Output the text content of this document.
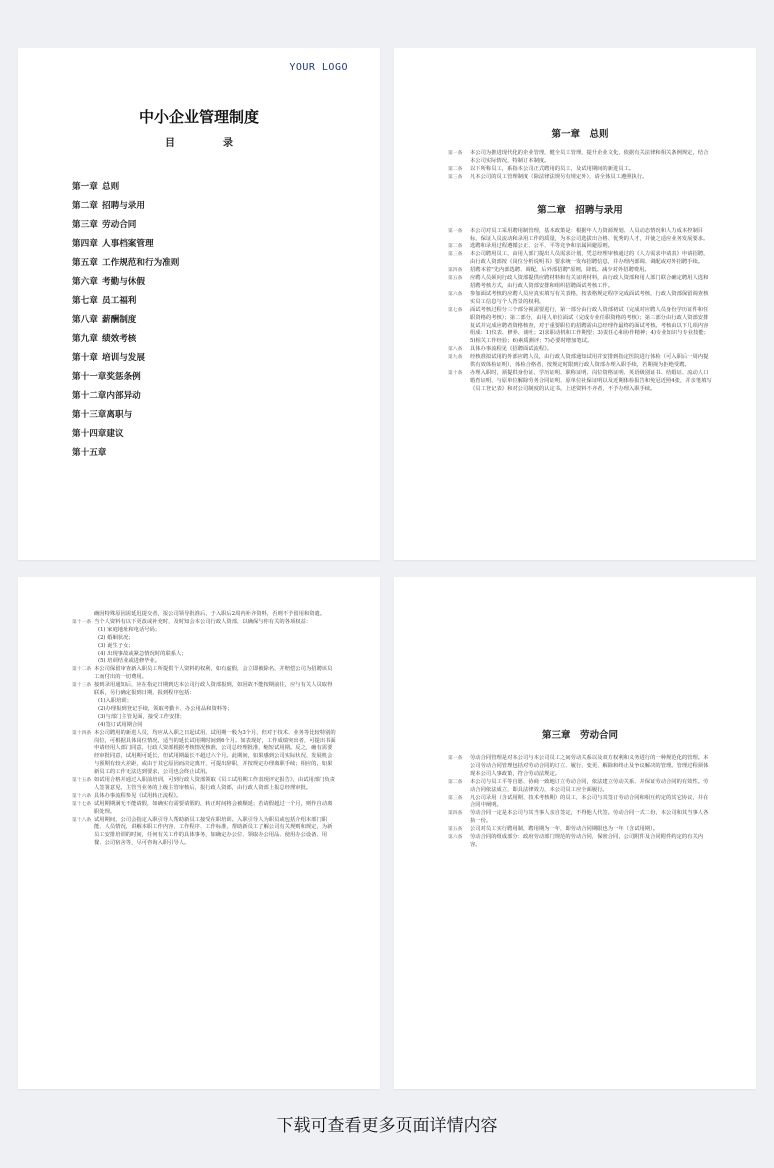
YOUR LOGO
中小企业管理制度
目录
第一章 总则
第二章 招聘与录用
第三章 劳动合同
第四章 人事档案管理
第五章 工作规范和行为准则
第六章 考勤与休假
第七章 员工福利
第八章 薪酬制度
第九章 绩效考核
第十章 培训与发展
第十一章奖惩条例
第十二章内部异动
第十三章离职与
第十四章建议
第十五章

第一章　总则

第一条	本公司为推进现代化的企业管理，健全员工管理，提升企业文化，依据有关法律和相关条例规定，结合本公司实际情况，特制订本制度。
第二条	以下所称员工，系指本公司正式聘用的员工，及试用期间的新进员工。
第三条	凡本公司的员工管理制度（除法律法规另有规定外），请全体员工遵照执行。

第二章　招聘与录用

第一条	本公司对员工采用聘用制管理，基本政策是：根据年人力资源规划、人员动态情况和人力成本控制目标，保证人员流动和录用工作的质量，为本公司选拔出合格、优秀的人才，并使之适应业务发展要求。
第二条	选聘和录用过程遵循公正、公平、平等竞争和亲属回避原则。
第三条	本公司聘用员工，由用人部门提出人员需求计划，凭总经理审核通过的《人力需求申请表》申请招聘，由行政人资部按《岗位分析说明书》要求统一发布招聘信息，并办理内部调、调配或对外招聘手续。
第四条	招聘本着"先内部选聘、调配，后外部招聘"原则，降低、减少对外招聘费用。
第五条	应聘人员须向行政人资部提供应聘材料和有关证明材料，由行政人资部和用人部门联合确定聘用人选和招聘考核方式，由行政人资部安排和组织招聘面试考核工作。
第六条	参加面试考核的应聘人员应真实填写有关表格，按表格规定程序完成面试考核，行政人资部保留调查核实员工信息与个人背景的权利。
第七条	面试考核过程分三个部分视需要进行，第一部分由行政人资部初试（完成对应聘人员身份学历证件和任职资格的考核）；第二部分，由用人单位面试（完成专业任职资格的考核）；第三部分由行政人资部安排复试并完成应聘者资格核查，对于重要职位的招聘需由总经理作最终的面试考核。考核由以下几项内容组成：1)仪表、修养、谈吐；2)求职动机和工作期望；3)责任心和协作精神；4)专业知识与专业技能；5)相关工作经验；6)素质测评；7)必要时增加笔试。
第八条	具体办事流程见《招聘面试流程》。
第九条	经核准拟试用的外部应聘人员，由行政人资部通知试用并安排到指定医院进行体检（可入职后一周内提供有效体检证明），体检合格者，按规定时限到行政人资部办理入职手续，若期视为拒绝受聘。
第十条	办理入职时，须提供身份证、学历证明、职称证明、岗位资格证明、英语级别证书、结婚证、流动人口婚育证明、与原单位解除劳务合同证明、原单位社保证明以及近期体检报告和免冠近照4张，并亲笔填写《员工登记表》和对公司制度的认定书。上述资料不齐者，不予办理入职手续。
确因特殊原因需延迟提交者，报公司领导批准后，于入职后2周内补齐资料，否则不予留用和资遣。
第十一条 当个人资料有以下更改或补充时，及时知会本公司行政人资部，以确保与你有关的各项权益：
(1) 家庭地址和电话号码；
(2) 婚姻状况；
(3) 诞生子女；
(4) 出现事故或紧急情况时的联系人；
(5) 培训结业或进修毕业。
第十二条 本公司保留审查新入职员工所提供个人资料的权利，如有虚假，会立即被除名，并赔偿公司为招聘该员工而付出的一切费用。
第十三条 接到录用通知后，应在指定日期到达本公司行政人资部报到，如因故不能按期前往，应与有关人员取得联系，另行确定报到日期，报到程序包括：
(1)入职培训；
(2)办理报到登记手续，领取考勤卡、办公用品和资料等；
(3)与部门主管见面，接受工作安排；
(4)签订试用期合同
第十四条 本公司聘用的新进人员，均应从入职之日起试用，试用期一般为3个月，但对于技术、业务等比较特别的岗位，可根据具体岗位情况，适当的延长试用期时间到6个月。如表现好，工作成绩突出者，可提出书面申请经用人部门同意，行政人资部根据考核情况核准，公司总经理批准，缩短试用期。反之，确有需要经审批同意，试用期可延长，但试用期最长不超过六个月。此期间，如果感到公司实际状况、发展机会与预期有较大差距，或由于其它原因而决定离开，可提出辞职，并按规定办理离职手续；相应的，如果新员工的工作无法达到要求，公司也会终止试用。
第十五条 如试用合格并通过入职前培训，可到行政人资部领取《员工试用期工作表现评定报告》，由试用部门负责人签署意见，主管当业务的上级主管审核后，报行政人资部，由行政人资部上报总经理审批。
第十六条 具体办事流程参见《试用转正流程》。
第十七条 试用期期满无不能请假，如确实有需要请假的，转正时间将会被顺延；若请假超过一个月，则作自动离职处理。
第十八条 试用期间，公司会指定入职引导人帮助新员工接受在职培训。入职引导人为职员或包括介绍本部门职能、人员情况，讲解本职工作内容、工作程序、工作标准，帮助新员工了解公司有关规则和规定，为新员工安排培训的时间，任何有关工作的具体事务，如确定办公位、领取办公用品、使用办公设备、用餐、公司宿舍等，尽可咨询入职引导人。

第三章　劳动合同

第一条	劳动合同管理是对本公司与本公司员工之间劳动关系以及双方权利和义务进行的一种规范化的管理。本公司劳动合同管理包括对劳动合同的订立、履行、变更、解除和终止及争议解决的管理。管理过程须体现本公司人事政策，符合劳动法规定。
第二条	本公司与员工平等自愿、协商一致地订立劳动合同，依法建立劳动关系，并保证劳动合同的有效性。劳动合同依法成立，即具法律效力，本公司员工应全面履行。
第三条	凡公司录用（含试用期、技术考核期）的员工，本公司与其签订劳动合同和相互约定的其它协议，并在合同中阐明。
第四条	劳动合同一定是本公司与其当事人亲自签定，不得他人代签。劳动合同一式二份，本公司和其当事人各执一份。
第五条	公司对员工实行聘用制，聘用期为一年，即劳动合同期限也为一年（含试用期）。
第六条	劳动合同的组成部分：政府劳动部门规范的劳动合同，保密合同，公司附件及合同附件约定的有关内容。
下载可查看更多页面详情内容
